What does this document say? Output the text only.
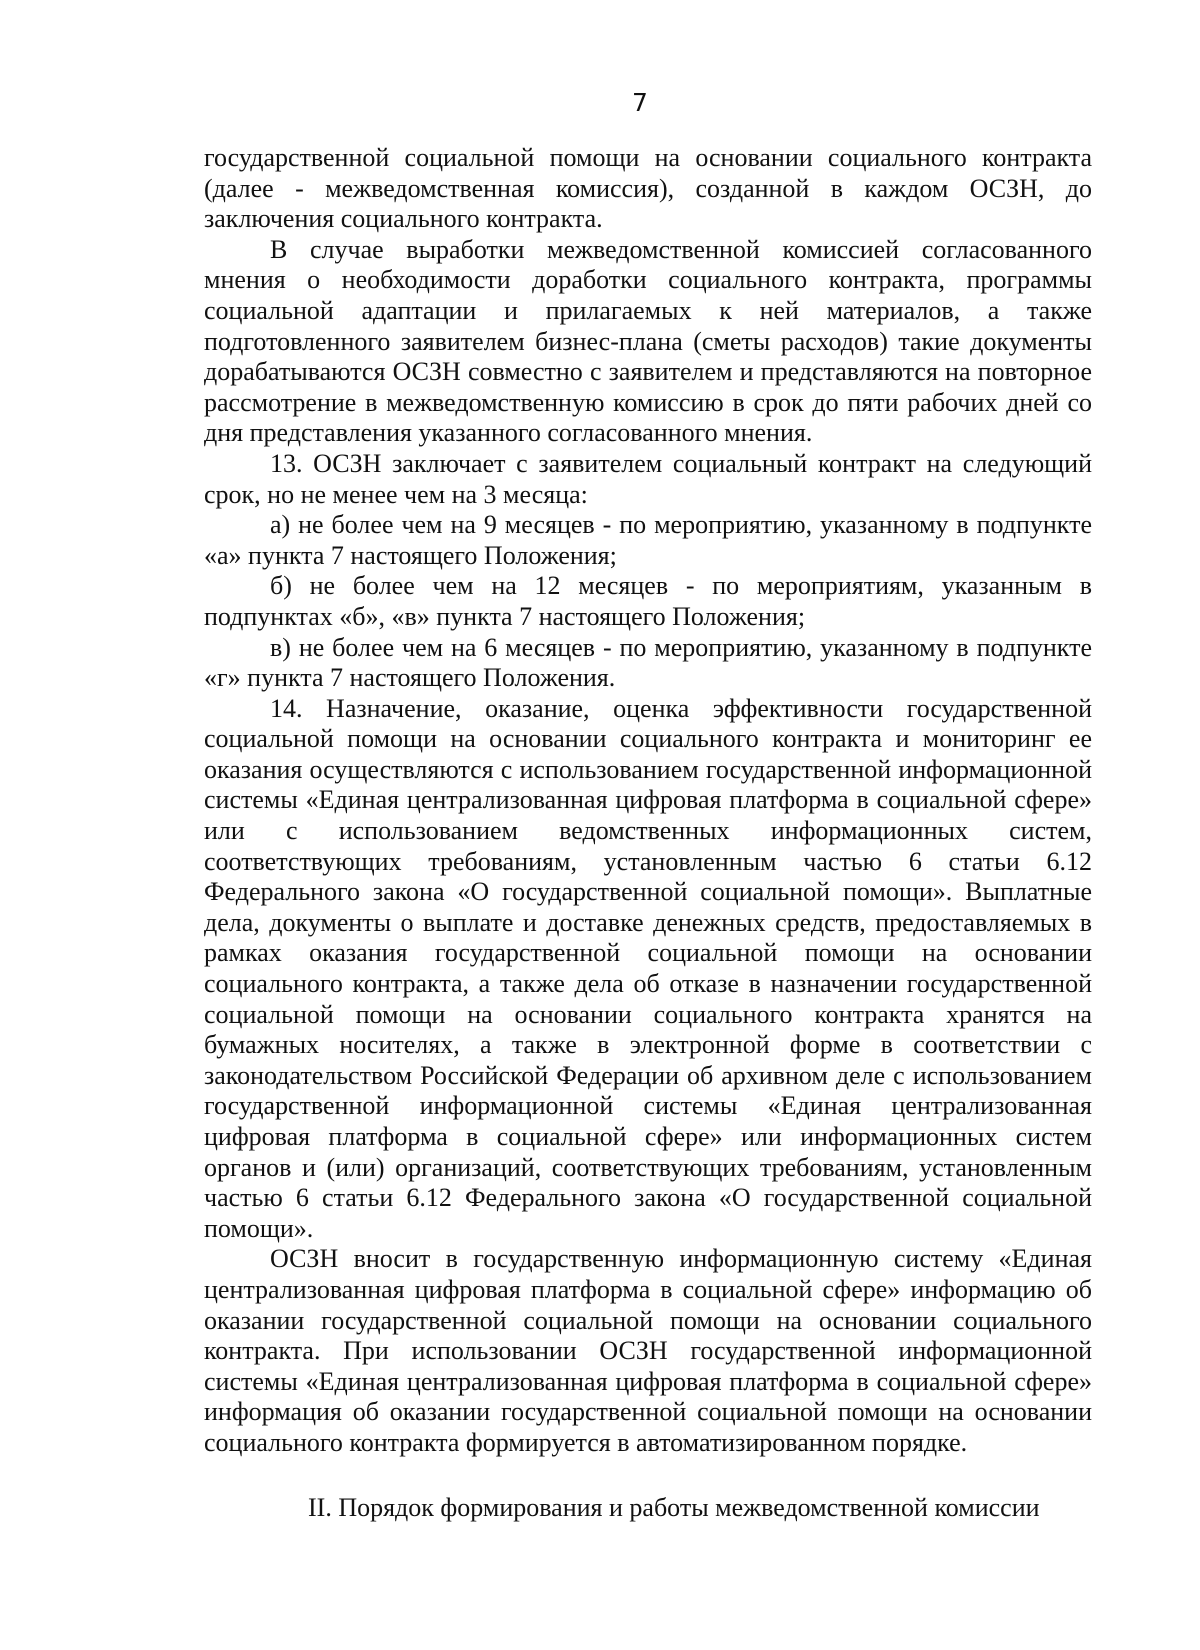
7

государственной социальной помощи на основании социального контракта (далее - межведомственная комиссия), созданной в каждом ОСЗН, до заключения социального контракта.

В случае выработки межведомственной комиссией согласованного мнения о необходимости доработки социального контракта, программы социальной адаптации и прилагаемых к ней материалов, а также подготовленного заявителем бизнес-плана (сметы расходов) такие документы дорабатываются ОСЗН совместно с заявителем и представляются на повторное рассмотрение в межведомственную комиссию в срок до пяти рабочих дней со дня представления указанного согласованного мнения.

13. ОСЗН заключает с заявителем социальный контракт на следующий срок, но не менее чем на 3 месяца:

а) не более чем на 9 месяцев - по мероприятию, указанному в подпункте «а» пункта 7 настоящего Положения;

б) не более чем на 12 месяцев - по мероприятиям, указанным в подпунктах «б», «в» пункта 7 настоящего Положения;

в) не более чем на 6 месяцев - по мероприятию, указанному в подпункте «г» пункта 7 настоящего Положения.

14. Назначение, оказание, оценка эффективности государственной социальной помощи на основании социального контракта и мониторинг ее оказания осуществляются с использованием государственной информационной системы «Единая централизованная цифровая платформа в социальной сфере» или с использованием ведомственных информационных систем, соответствующих требованиям, установленным частью 6 статьи 6.12 Федерального закона «О государственной социальной помощи». Выплатные дела, документы о выплате и доставке денежных средств, предоставляемых в рамках оказания государственной социальной помощи на основании социального контракта, а также дела об отказе в назначении государственной социальной помощи на основании социального контракта хранятся на бумажных носителях, а также в электронной форме в соответствии с законодательством Российской Федерации об архивном деле с использованием государственной информационной системы «Единая централизованная цифровая платформа в социальной сфере» или информационных систем органов и (или) организаций, соответствующих требованиям, установленным частью 6 статьи 6.12 Федерального закона «О государственной социальной помощи».

ОСЗН вносит в государственную информационную систему «Единая централизованная цифровая платформа в социальной сфере» информацию об оказании государственной социальной помощи на основании социального контракта. При использовании ОСЗН государственной информационной системы «Единая централизованная цифровая платформа в социальной сфере» информация об оказании государственной социальной помощи на основании социального контракта формируется в автоматизированном порядке.

II. Порядок формирования и работы межведомственной комиссии
